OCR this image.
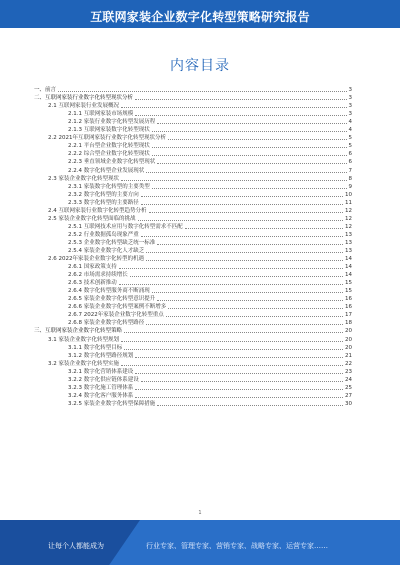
互联网家装企业数字化转型策略研究报告
内容目录
一、前言	3
二、互联网家装行业数字化转型现状分析	3
2.1 互联网家装行业发展概况	3
2.1.1 互联网家装市场规模	3
2.1.2 家装行业数字化转型发展历程	4
2.1.3 互联网家装数字化转型现状	4
2.2 2021年互联网家装行业数字化转型现状分析	5
2.2.1 平台型企业数字化转型现状	5
2.2.2 综合型企业数字化转型现状	6
2.2.3 垂直领域企业数字化转型现状	6
2.2.4 数字化转型企业发展现状	7
2.3 家装企业数字化转型现状	8
2.3.1 家装数字化转型的主要类型	9
2.3.2 数字化转型的主要方向	10
2.3.3 数字化转型的主要路径	11
2.4 互联网家装行业数字化转型趋势分析	12
2.5 家装企业数字化转型面临的挑战	12
2.5.1 互联网技术应用与数字化转型需求不匹配	12
2.5.2 行业数据孤岛现象严重	13
2.5.3 企业数字化转型缺乏统一标准	13
2.5.4 家装企业数字化人才缺乏	13
2.6 2022年家装企业数字化转型的机遇	14
2.6.1 国家政策支持	14
2.6.2 市场需求持续增长	14
2.6.3 技术创新推动	15
2.6.4 数字化转型服务商不断涌现	15
2.6.5 家装企业数字化转型意识提升	16
2.6.6 家装企业数字化转型案例不断增多	16
2.6.7 2022年家装企业数字化转型重点	17
2.6.8 家装企业数字化转型路径	18
三、互联网家装企业数字化转型策略	20
3.1 家装企业数字化转型规划	20
3.1.1 数字化转型目标	20
3.1.2 数字化转型路径规划	21
3.2 家装企业数字化转型实施	22
3.2.1 数字化营销体系建设	23
3.2.2 数字化供应链体系建设	24
3.2.3 数字化施工管理体系	25
3.2.4 数字化客户服务体系	27
3.2.5 家装企业数字化转型保障措施	30
1
让每个人都能成为	行业专家、管理专家、营销专家、战略专家、运营专家……
